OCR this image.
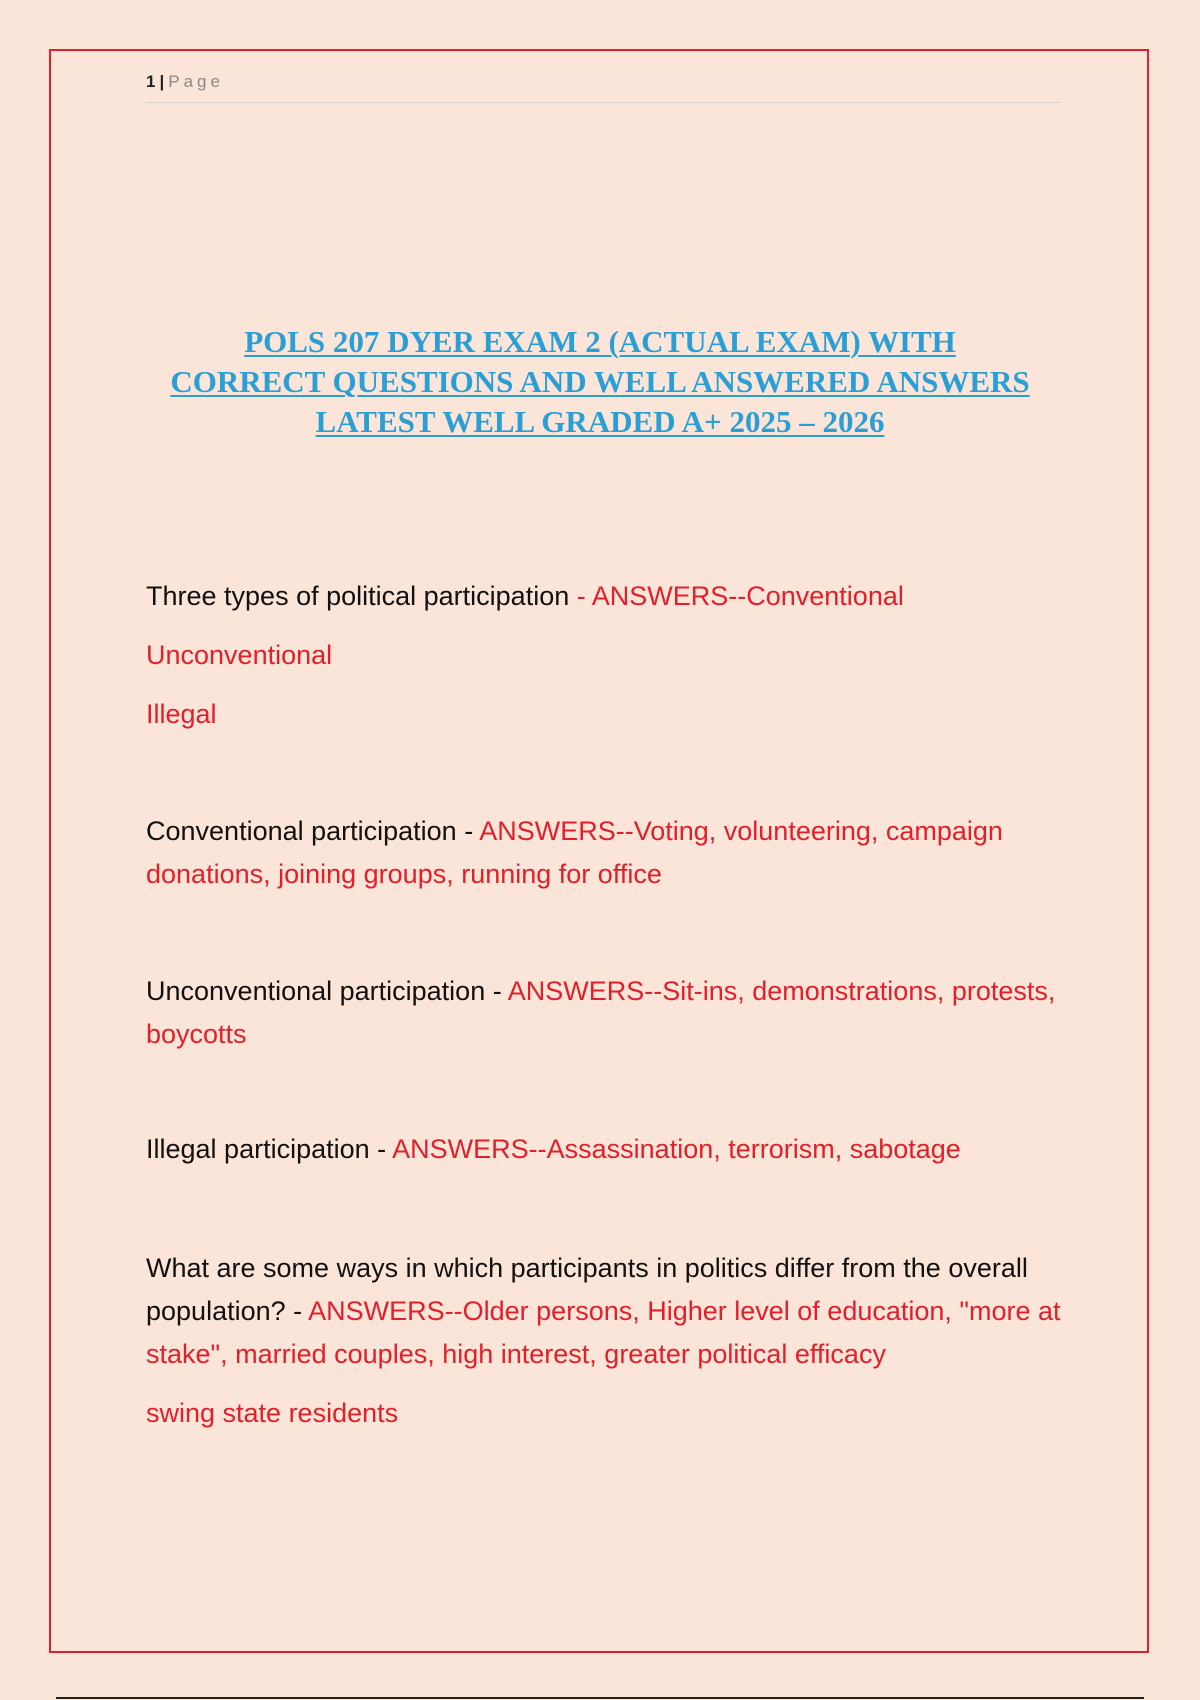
1 | Page
POLS 207 DYER EXAM 2 (ACTUAL EXAM) WITH
CORRECT QUESTIONS AND WELL ANSWERED ANSWERS
LATEST WELL GRADED A+ 2025 – 2026
Three types of political participation - ANSWERS--Conventional
Unconventional
Illegal
Conventional participation - ANSWERS--Voting, volunteering, campaign donations, joining groups, running for office
Unconventional participation - ANSWERS--Sit-ins, demonstrations, protests, boycotts
Illegal participation - ANSWERS--Assassination, terrorism, sabotage
What are some ways in which participants in politics differ from the overall population? - ANSWERS--Older persons, Higher level of education, "more at stake", married couples, high interest, greater political efficacy
swing state residents
